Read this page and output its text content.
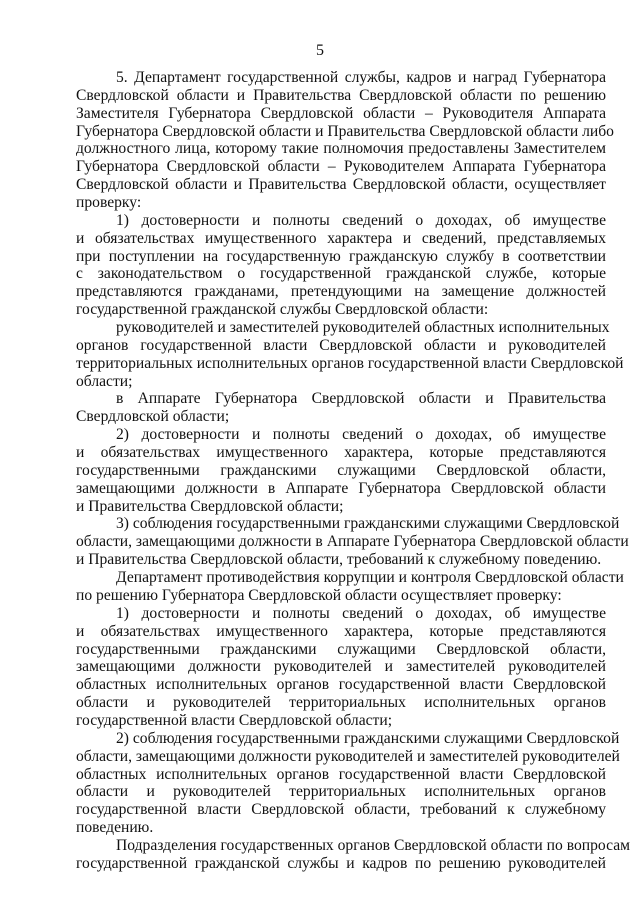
5
5. Департамент государственной службы, кадров и наград Губернатора
Свердловской области и Правительства Свердловской области по решению
Заместителя Губернатора Свердловской области – Руководителя Аппарата
Губернатора Свердловской области и Правительства Свердловской области либо
должностного лица, которому такие полномочия предоставлены Заместителем
Губернатора Свердловской области – Руководителем Аппарата Губернатора
Свердловской области и Правительства Свердловской области, осуществляет
проверку:
1) достоверности и полноты сведений о доходах, об имуществе
и обязательствах имущественного характера и сведений, представляемых
при поступлении на государственную гражданскую службу в соответствии
с законодательством о государственной гражданской службе, которые
представляются гражданами, претендующими на замещение должностей
государственной гражданской службы Свердловской области:
руководителей и заместителей руководителей областных исполнительных
органов государственной власти Свердловской области и руководителей
территориальных исполнительных органов государственной власти Свердловской
области;
в Аппарате Губернатора Свердловской области и Правительства
Свердловской области;
2) достоверности и полноты сведений о доходах, об имуществе
и обязательствах имущественного характера, которые представляются
государственными гражданскими служащими Свердловской области,
замещающими должности в Аппарате Губернатора Свердловской области
и Правительства Свердловской области;
3) соблюдения государственными гражданскими служащими Свердловской
области, замещающими должности в Аппарате Губернатора Свердловской области
и Правительства Свердловской области, требований к служебному поведению.
Департамент противодействия коррупции и контроля Свердловской области
по решению Губернатора Свердловской области осуществляет проверку:
1) достоверности и полноты сведений о доходах, об имуществе
и обязательствах имущественного характера, которые представляются
государственными гражданскими служащими Свердловской области,
замещающими должности руководителей и заместителей руководителей
областных исполнительных органов государственной власти Свердловской
области и руководителей территориальных исполнительных органов
государственной власти Свердловской области;
2) соблюдения государственными гражданскими служащими Свердловской
области, замещающими должности руководителей и заместителей руководителей
областных исполнительных органов государственной власти Свердловской
области и руководителей территориальных исполнительных органов
государственной власти Свердловской области, требований к служебному
поведению.
Подразделения государственных органов Свердловской области по вопросам
государственной гражданской службы и кадров по решению руководителей
